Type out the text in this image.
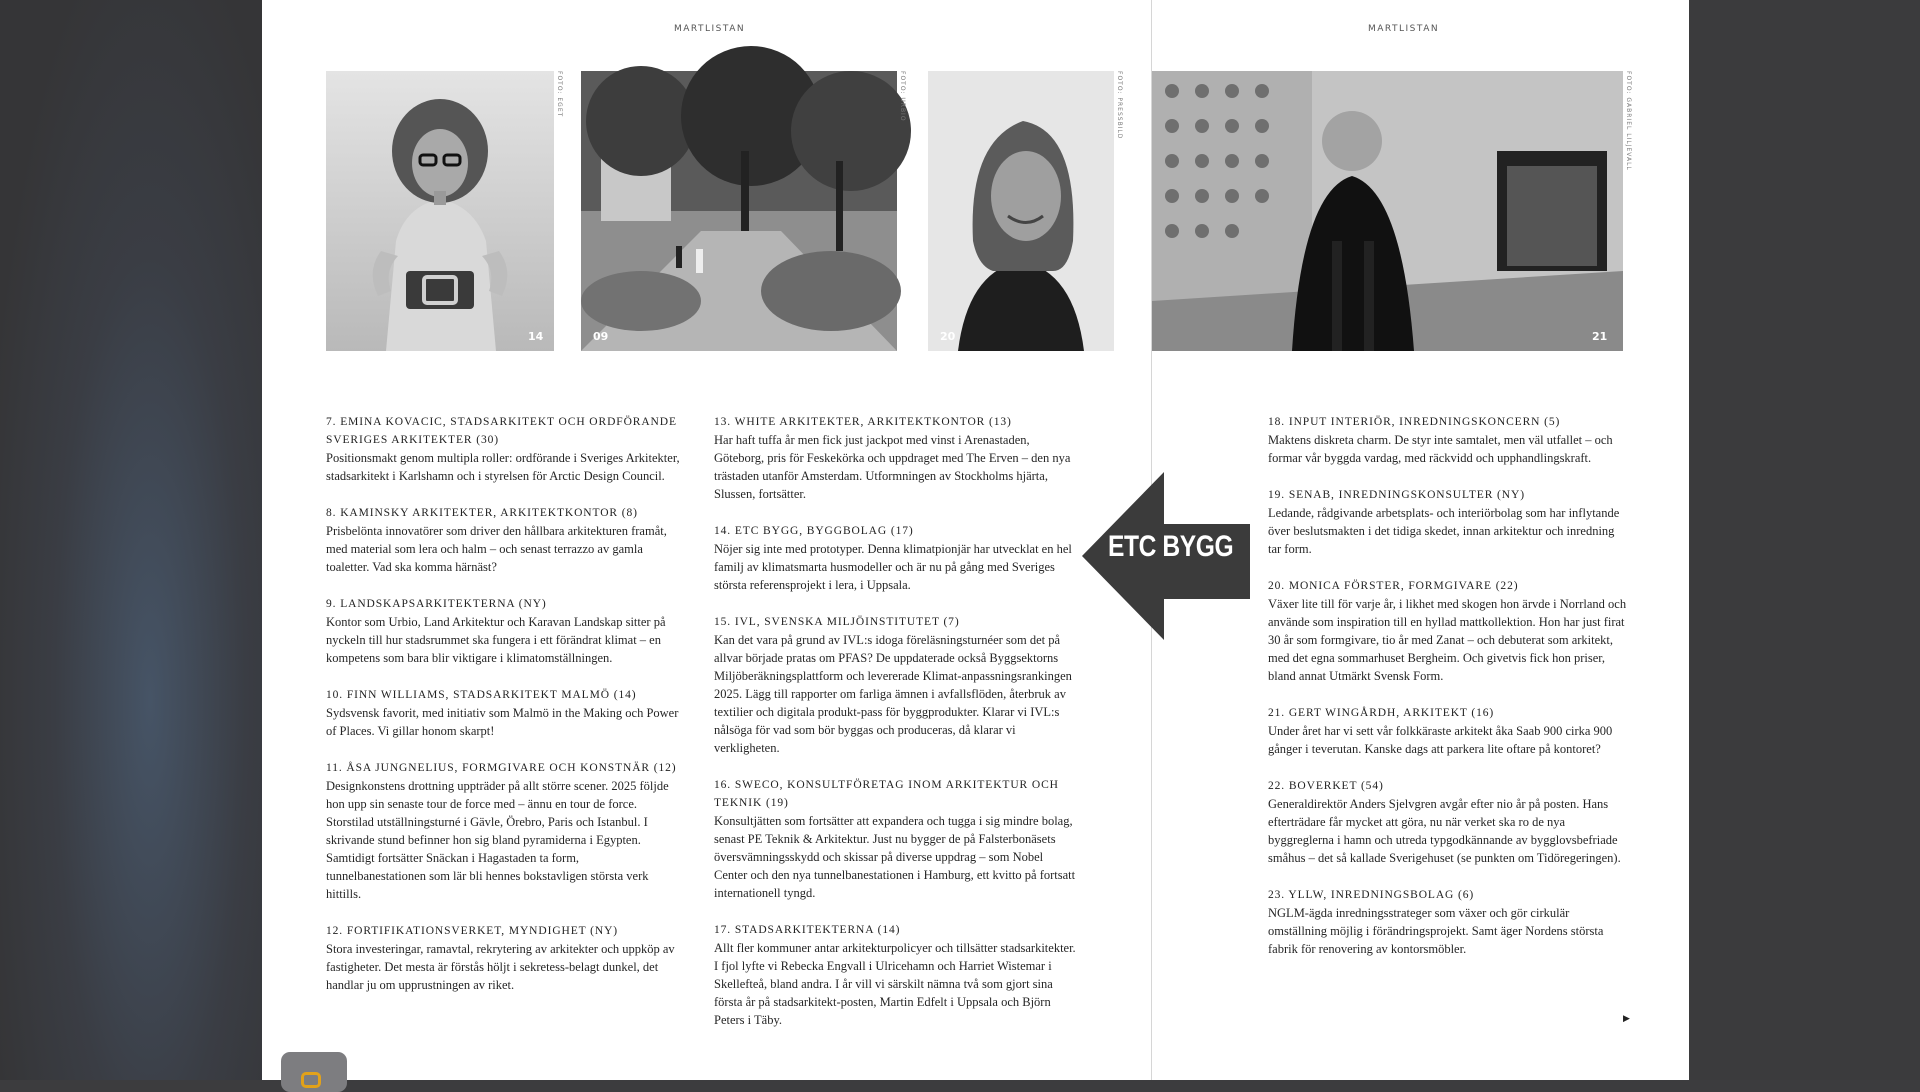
MARTLISTAN	MARTLISTAN
14
FOTO: EGET
09
FOTO: URBIO
20
FOTO: PRESSBILD
21
FOTO: GABRIEL LILJEVALL
7. EMINA KOVACIC, STADSARKITEKT OCH ORDFÖRANDE SVERIGES ARKITEKTER (30)
Positionsmakt genom multipla roller: ordförande i Sveriges Arkitekter, stadsarkitekt i Karlshamn och i styrelsen för Arctic Design Council.
8. KAMINSKY ARKITEKTER, ARKITEKTKONTOR (8)
Prisbelönta innovatörer som driver den hållbara arkitekturen framåt, med material som lera och halm – och senast terrazzo av gamla toaletter. Vad ska komma härnäst?
9. LANDSKAPSARKITEKTERNA (NY)
Kontor som Urbio, Land Arkitektur och Karavan Landskap sitter på nyckeln till hur stadsrummet ska fungera i ett förändrat klimat – en kompetens som bara blir viktigare i klimatomställningen.
10. FINN WILLIAMS, STADSARKITEKT MALMÖ (14)
Sydsvensk favorit, med initiativ som Malmö in the Making och Power of Places. Vi gillar honom skarpt!
11. ÅSA JUNGNELIUS, FORMGIVARE OCH KONSTNÄR (12)
Designkonstens drottning uppträder på allt större scener. 2025 följde hon upp sin senaste tour de force med – ännu en tour de force. Storstilad utställningsturné i Gävle, Örebro, Paris och Istanbul. I skrivande stund befinner hon sig bland pyramiderna i Egypten. Samtidigt fortsätter Snäckan i Hagastaden ta form, tunnelbanestationen som lär bli hennes bokstavligen största verk hittills.
12. FORTIFIKATIONSVERKET, MYNDIGHET (NY)
Stora investeringar, ramavtal, rekrytering av arkitekter och uppköp av fastigheter. Det mesta är förstås höljt i sekretess-belagt dunkel, det handlar ju om upprustningen av riket.
13. WHITE ARKITEKTER, ARKITEKTKONTOR (13)
Har haft tuffa år men fick just jackpot med vinst i Arenastaden, Göteborg, pris för Feskekörka och uppdraget med The Erven – den nya trästaden utanför Amsterdam. Utformningen av Stockholms hjärta, Slussen, fortsätter.
14. ETC BYGG, BYGGBOLAG (17)
Nöjer sig inte med prototyper. Denna klimatpionjär har utvecklat en hel familj av klimatsmarta husmodeller och är nu på gång med Sveriges största referensprojekt i lera, i Uppsala.
15. IVL, SVENSKA MILJÖINSTITUTET (7)
Kan det vara på grund av IVL:s idoga föreläsningsturnéer som det på allvar började pratas om PFAS? De uppdaterade också Byggsektorns Miljöberäkningsplattform och levererade Klimat-anpassningsrankingen 2025. Lägg till rapporter om farliga ämnen i avfallsflöden, återbruk av textilier och digitala produkt-pass för byggprodukter. Klarar vi IVL:s nålsöga för vad som bör byggas och produceras, då klarar vi verkligheten.
16. SWECO, KONSULTFÖRETAG INOM ARKITEKTUR OCH TEKNIK (19)
Konsultjätten som fortsätter att expandera och tugga i sig mindre bolag, senast PE Teknik & Arkitektur. Just nu bygger de på Falsterbonäsets översvämningsskydd och skissar på diverse uppdrag – som Nobel Center och den nya tunnelbanestationen i Hamburg, ett kvitto på fortsatt internationell tyngd.
17. STADSARKITEKTERNA (14)
Allt fler kommuner antar arkitekturpolicyer och tillsätter stadsarkitekter. I fjol lyfte vi Rebecka Engvall i Ulricehamn och Harriet Wistemar i Skellefteå, bland andra. I år vill vi särskilt nämna två som gjort sina första år på stadsarkitekt-posten, Martin Edfelt i Uppsala och Björn Peters i Täby.
18. INPUT INTERIÖR, INREDNINGSKONCERN (5)
Maktens diskreta charm. De styr inte samtalet, men väl utfallet – och formar vår byggda vardag, med räckvidd och upphandlingskraft.
19. SENAB, INREDNINGSKONSULTER (NY)
Ledande, rådgivande arbetsplats- och interiörbolag som har inflytande över beslutsmakten i det tidiga skedet, innan arkitektur och inredning tar form.
20. MONICA FÖRSTER, FORMGIVARE (22)
Växer lite till för varje år, i likhet med skogen hon ärvde i Norrland och använde som inspiration till en hyllad mattkollektion. Hon har just firat 30 år som formgivare, tio år med Zanat – och debuterat som arkitekt, med det egna sommarhuset Bergheim. Och givetvis fick hon priser, bland annat Utmärkt Svensk Form.
21. GERT WINGÅRDH, ARKITEKT (16)
Under året har vi sett vår folkkäraste arkitekt åka Saab 900 cirka 900 gånger i teverutan. Kanske dags att parkera lite oftare på kontoret?
22. BOVERKET (54)
Generaldirektör Anders Sjelvgren avgår efter nio år på posten. Hans efterträdare får mycket att göra, nu när verket ska ro de nya byggreglerna i hamn och utreda typgodkännande av bygglovsbefriade småhus – det så kallade Sverigehuset (se punkten om Tidöregeringen).
23. YLLW, INREDNINGSBOLAG (6)
NGLM-ägda inredningsstrateger som växer och gör cirkulär omställning möjlig i förändringsprojekt. Samt äger Nordens största fabrik för renovering av kontorsmöbler.
ETC BYGG
▶
